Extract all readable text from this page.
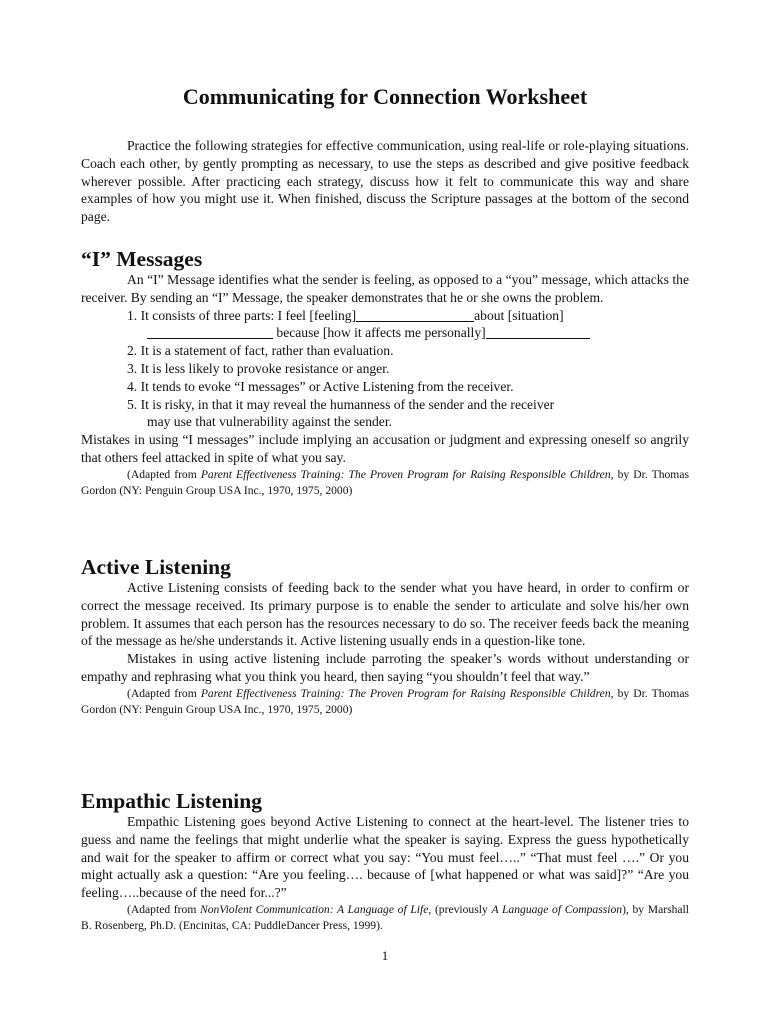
Communicating for Connection Worksheet

Practice the following strategies for effective communication, using real-life or role-playing situations. Coach each other, by gently prompting as necessary, to use the steps as described and give positive feedback wherever possible. After practicing each strategy, discuss how it felt to communicate this way and share examples of how you might use it. When finished, discuss the Scripture passages at the bottom of the second page.

“I” Messages

An “I” Message identifies what the sender is feeling, as opposed to a “you” message, which attacks the receiver. By sending an “I” Message, the speaker demonstrates that he or she owns the problem.

1. It consists of three parts: I feel [feeling]	about [situation]
because [how it affects me personally]
2. It is a statement of fact, rather than evaluation.
3. It is less likely to provoke resistance or anger.
4. It tends to evoke “I messages” or Active Listening from the receiver.
5. It is risky, in that it may reveal the humanness of the sender and the receiver
may use that vulnerability against the sender.

Mistakes in using “I messages” include implying an accusation or judgment and expressing oneself so angrily that others feel attacked in spite of what you say.

(Adapted from Parent Effectiveness Training: The Proven Program for Raising Responsible Children, by Dr. Thomas Gordon (NY: Penguin Group USA Inc., 1970, 1975, 2000)

Active Listening

Active Listening consists of feeding back to the sender what you have heard, in order to confirm or correct the message received. Its primary purpose is to enable the sender to articulate and solve his/her own problem. It assumes that each person has the resources necessary to do so. The receiver feeds back the meaning of the message as he/she understands it. Active listening usually ends in a question-like tone.

Mistakes in using active listening include parroting the speaker’s words without understanding or empathy and rephrasing what you think you heard, then saying “you shouldn’t feel that way.”

(Adapted from Parent Effectiveness Training: The Proven Program for Raising Responsible Children, by Dr. Thomas Gordon (NY: Penguin Group USA Inc., 1970, 1975, 2000)

Empathic Listening

Empathic Listening goes beyond Active Listening to connect at the heart-level. The listener tries to guess and name the feelings that might underlie what the speaker is saying. Express the guess hypothetically and wait for the speaker to affirm or correct what you say: “You must feel…..” “That must feel ….” Or you might actually ask a question: “Are you feeling…. because of [what happened or what was said]?” “Are you feeling…..because of the need for...?”

(Adapted from NonViolent Communication: A Language of Life, (previously A Language of Compassion), by Marshall B. Rosenberg, Ph.D. (Encinitas, CA: PuddleDancer Press, 1999).

1
